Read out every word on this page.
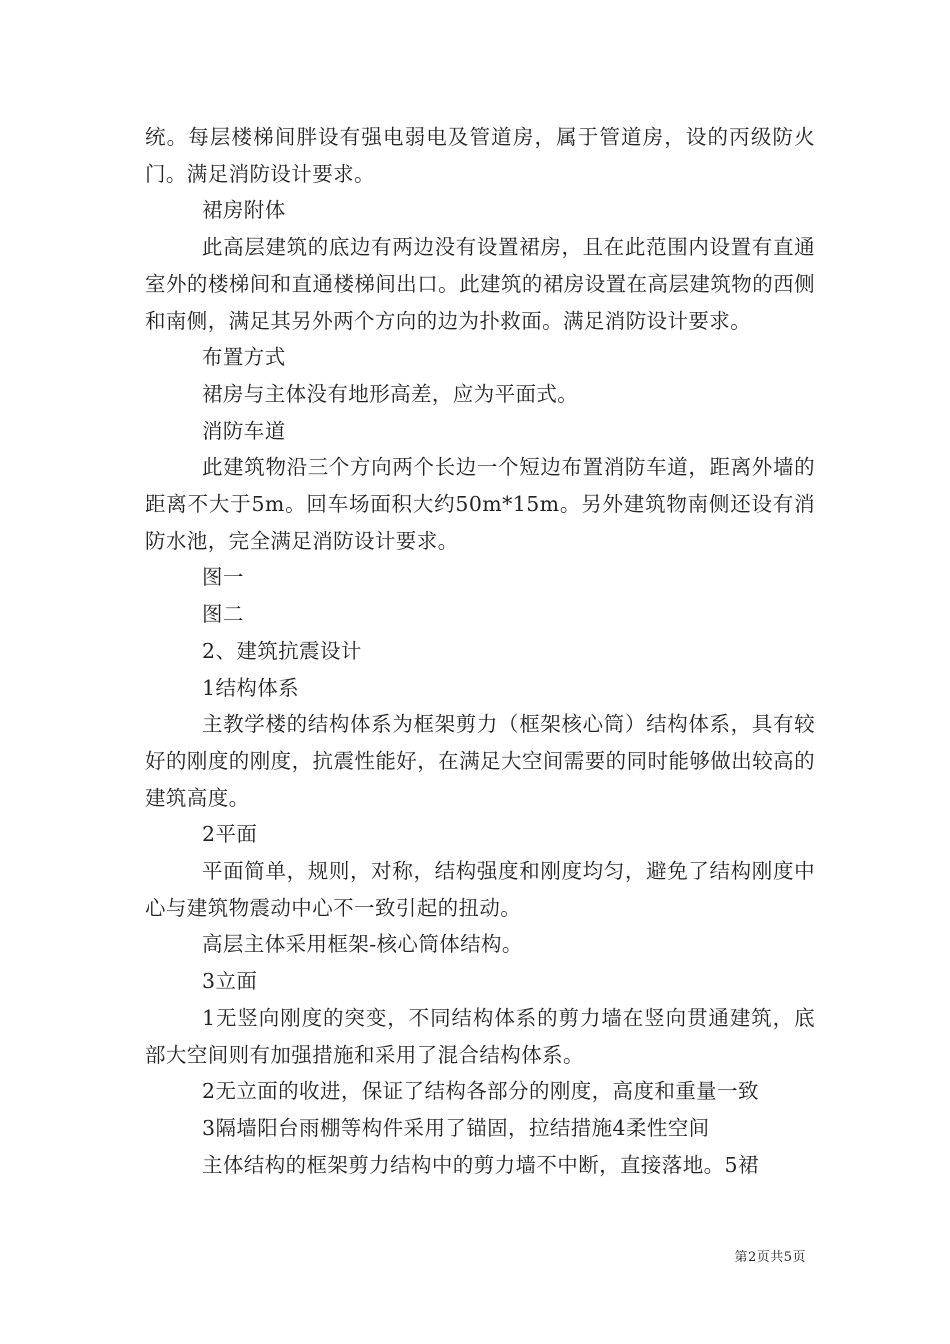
统。每层楼梯间胖设有强电弱电及管道房，属于管道房，设的丙级防火门。满足消防设计要求。

裙房附体

此高层建筑的底边有两边没有设置裙房，且在此范围内设置有直通室外的楼梯间和直通楼梯间出口。此建筑的裙房设置在高层建筑物的西侧和南侧，满足其另外两个方向的边为扑救面。满足消防设计要求。

布置方式

裙房与主体没有地形高差，应为平面式。

消防车道

此建筑物沿三个方向两个长边一个短边布置消防车道，距离外墙的距离不大于5m。回车场面积大约50m*15m。另外建筑物南侧还设有消防水池，完全满足消防设计要求。

图一

图二

2、建筑抗震设计

1结构体系

主教学楼的结构体系为框架剪力（框架核心筒）结构体系，具有较好的刚度的刚度，抗震性能好，在满足大空间需要的同时能够做出较高的建筑高度。

2平面

平面简单，规则，对称，结构强度和刚度均匀，避免了结构刚度中心与建筑物震动中心不一致引起的扭动。

高层主体采用框架-核心筒体结构。

3立面

1无竖向刚度的突变，不同结构体系的剪力墙在竖向贯通建筑，底部大空间则有加强措施和采用了混合结构体系。

2无立面的收进，保证了结构各部分的刚度，高度和重量一致

3隔墙阳台雨棚等构件采用了锚固，拉结措施4柔性空间

主体结构的框架剪力结构中的剪力墙不中断，直接落地。5裙

第2页共5页
